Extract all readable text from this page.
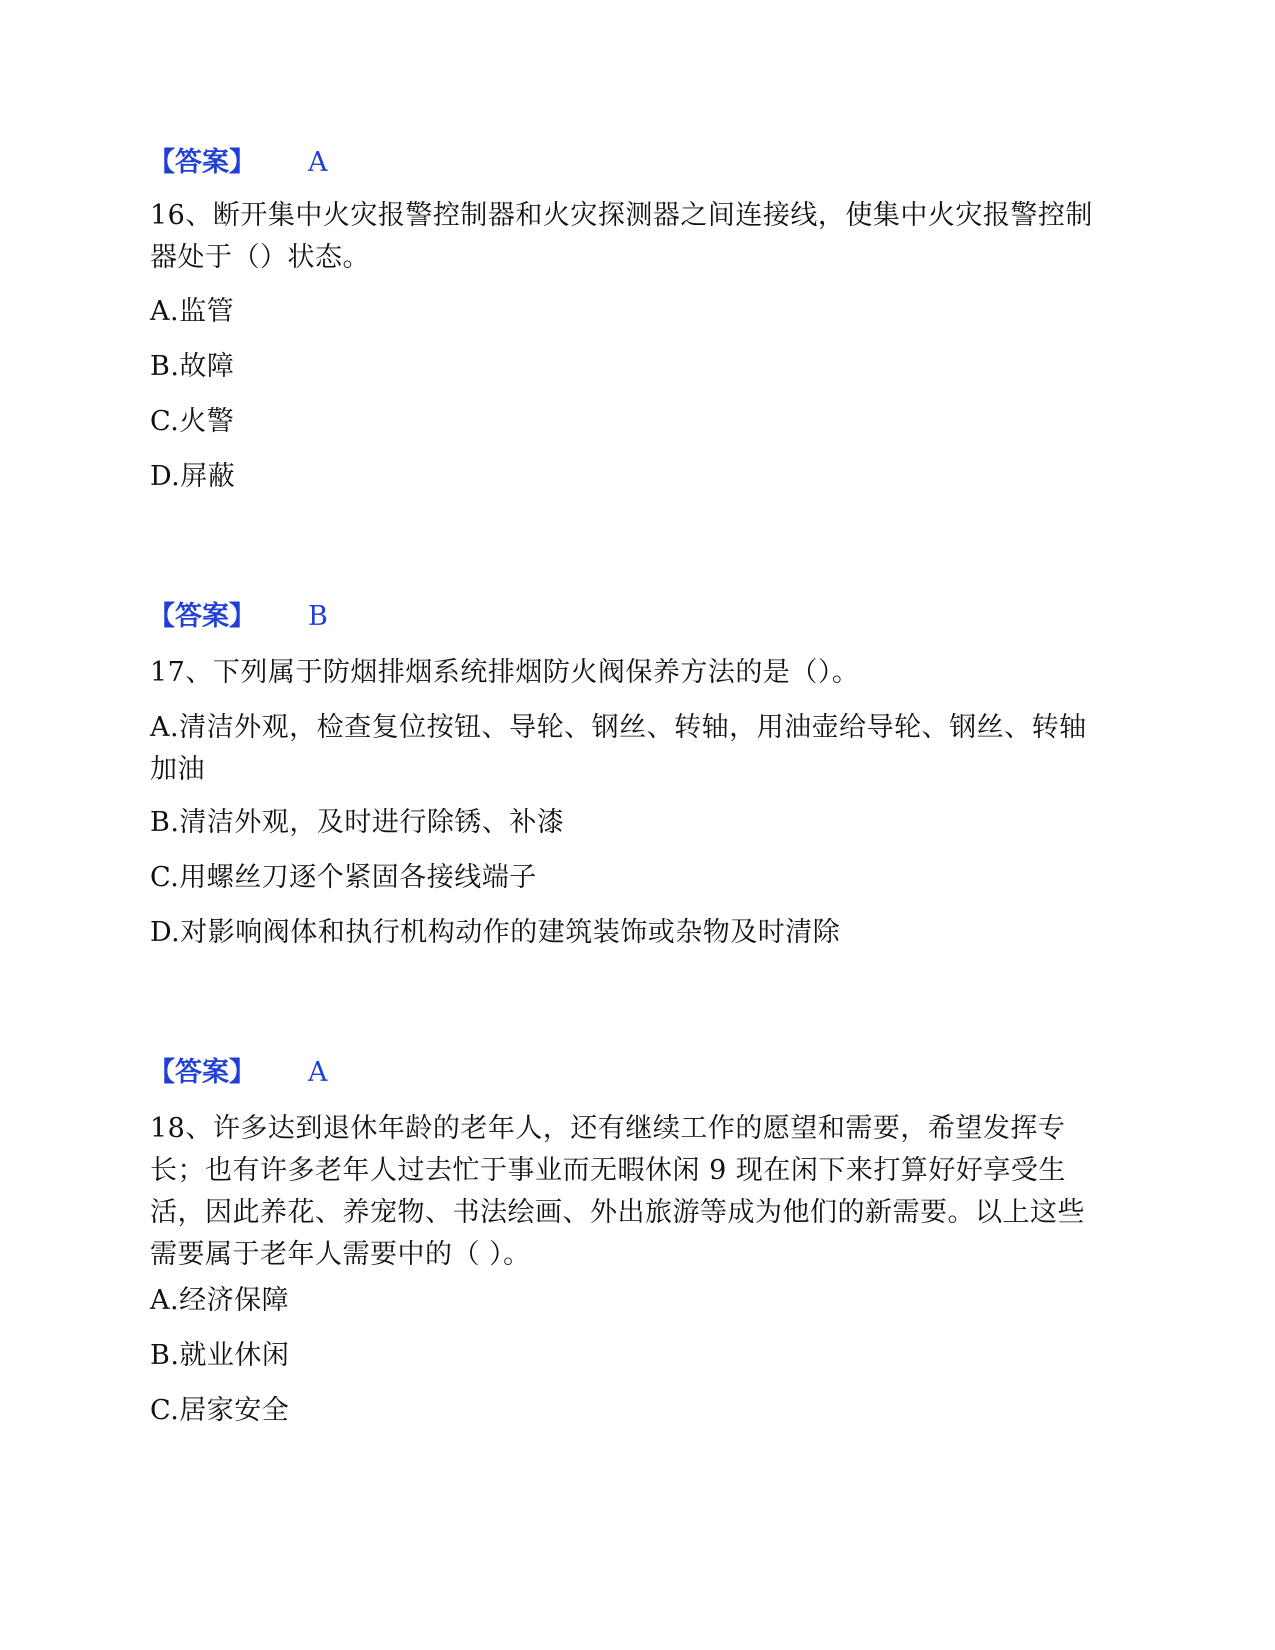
【答案】 A
16、断开集中火灾报警控制器和火灾探测器之间连接线，使集中火灾报警控制器处于（）状态。
A.监管
B.故障
C.火警
D.屏蔽
【答案】 B
17、下列属于防烟排烟系统排烟防火阀保养方法的是（）。
A.清洁外观，检查复位按钮、导轮、钢丝、转轴，用油壶给导轮、钢丝、转轴加油
B.清洁外观，及时进行除锈、补漆
C.用螺丝刀逐个紧固各接线端子
D.对影响阀体和执行机构动作的建筑装饰或杂物及时清除
【答案】 A
18、许多达到退休年龄的老年人，还有继续工作的愿望和需要，希望发挥专长；也有许多老年人过去忙于事业而无暇休闲 9 现在闲下来打算好好享受生活，因此养花、养宠物、书法绘画、外出旅游等成为他们的新需要。以上这些需要属于老年人需要中的（ ）。
A.经济保障
B.就业休闲
C.居家安全
